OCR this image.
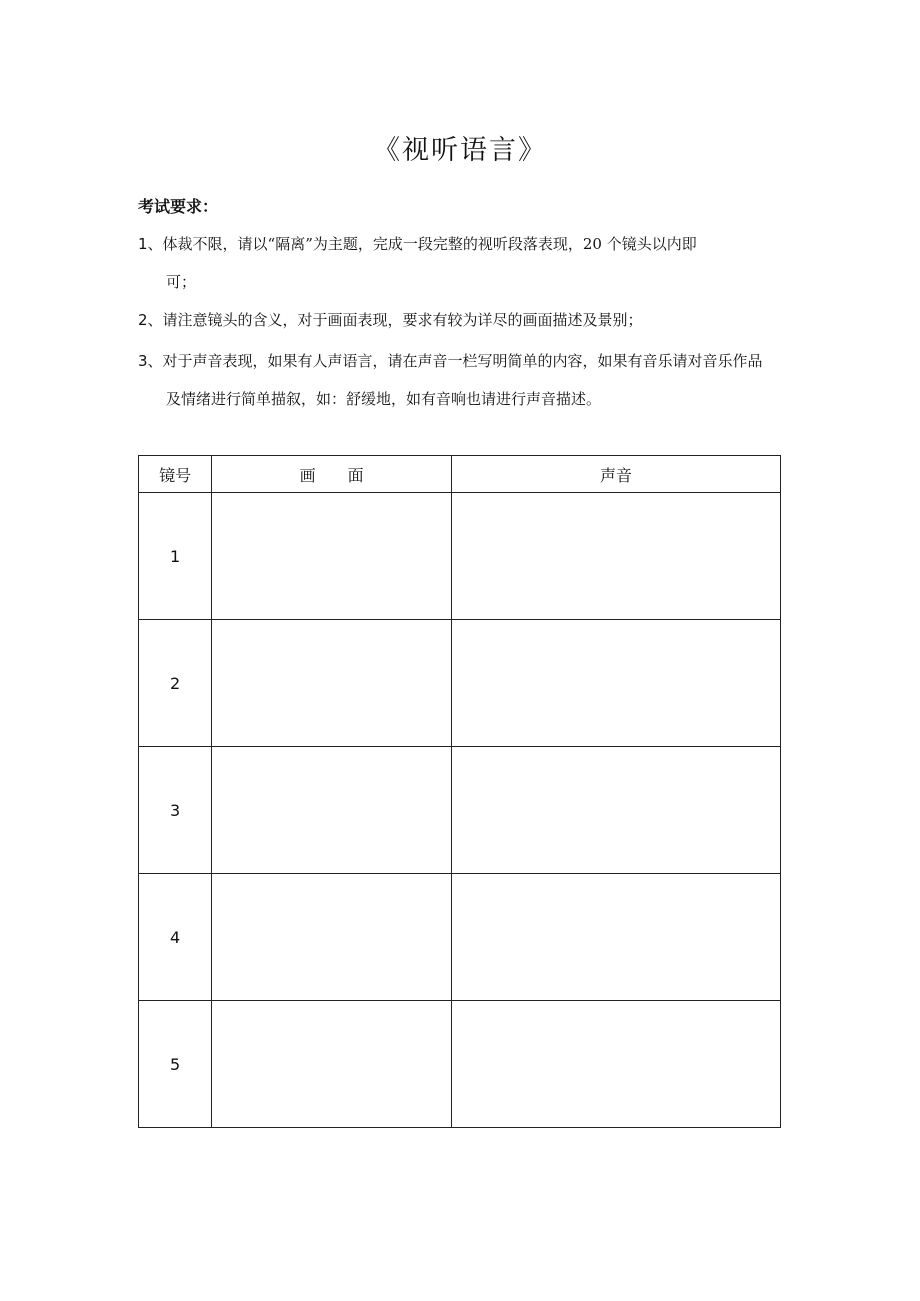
《视听语言》
考试要求：
1、体裁不限，请以“隔离”为主题，完成一段完整的视听段落表现，20 个镜头以内即
可；
2、请注意镜头的含义，对于画面表现，要求有较为详尽的画面描述及景别；
3、对于声音表现，如果有人声语言，请在声音一栏写明简单的内容，如果有音乐请对音乐作品
及情绪进行简单描叙，如：舒缓地，如有音响也请进行声音描述。
镜号	画　　面	声音
1		
2		
3		
4		
5		
